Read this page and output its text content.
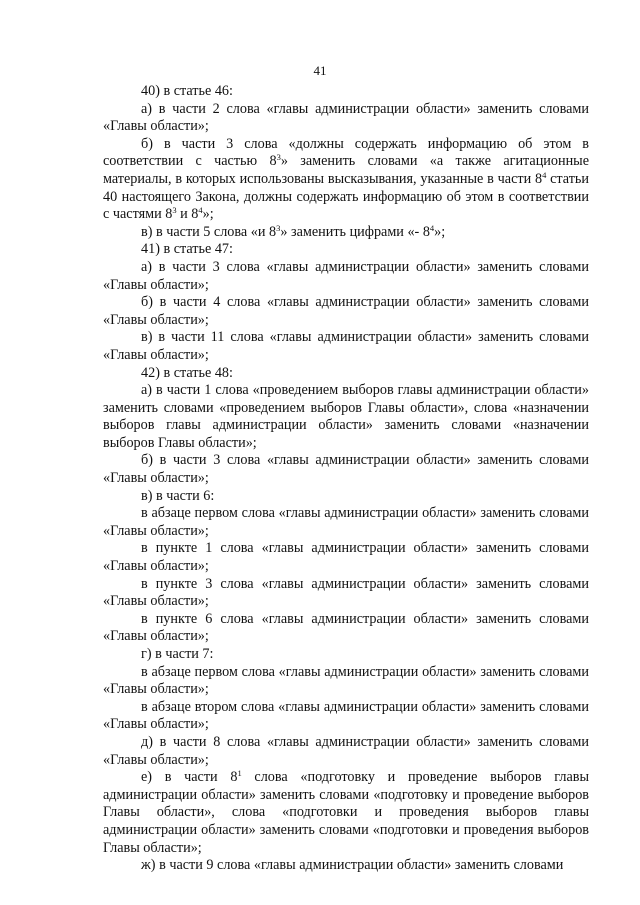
41

40) в статье 46:

а) в части 2 слова «главы администрации области» заменить словами «Главы области»;

б) в части 3 слова «должны содержать информацию об этом в соответствии с частью $8^3$» заменить словами «а также агитационные материалы, в которых использованы высказывания, указанные в части $8^4$ статьи 40 настоящего Закона, должны содержать информацию об этом в соответствии с частями $8^3$ и $8^4$»;

в) в части 5 слова «и $8^3$» заменить цифрами «- $8^4$»;

41) в статье 47:

а) в части 3 слова «главы администрации области» заменить словами «Главы области»;

б) в части 4 слова «главы администрации области» заменить словами «Главы области»;

в) в части 11 слова «главы администрации области» заменить словами «Главы области»;

42) в статье 48:

а) в части 1 слова «проведением выборов главы администрации области» заменить словами «проведением выборов Главы области», слова «назначении выборов главы администрации области» заменить словами «назначении выборов Главы области»;

б) в части 3 слова «главы администрации области» заменить словами «Главы области»;

в) в части 6:

в абзаце первом слова «главы администрации области» заменить словами «Главы области»;

в пункте 1 слова «главы администрации области» заменить словами «Главы области»;

в пункте 3 слова «главы администрации области» заменить словами «Главы области»;

в пункте 6 слова «главы администрации области» заменить словами «Главы области»;

г) в части 7:

в абзаце первом слова «главы администрации области» заменить словами «Главы области»;

в абзаце втором слова «главы администрации области» заменить словами «Главы области»;

д) в части 8 слова «главы администрации области» заменить словами «Главы области»;

е) в части $8^1$ слова «подготовку и проведение выборов главы администрации области» заменить словами «подготовку и проведение выборов Главы области», слова «подготовки и проведения выборов главы администрации области» заменить словами «подготовки и проведения выборов Главы области»;

ж) в части 9 слова «главы администрации области» заменить словами
